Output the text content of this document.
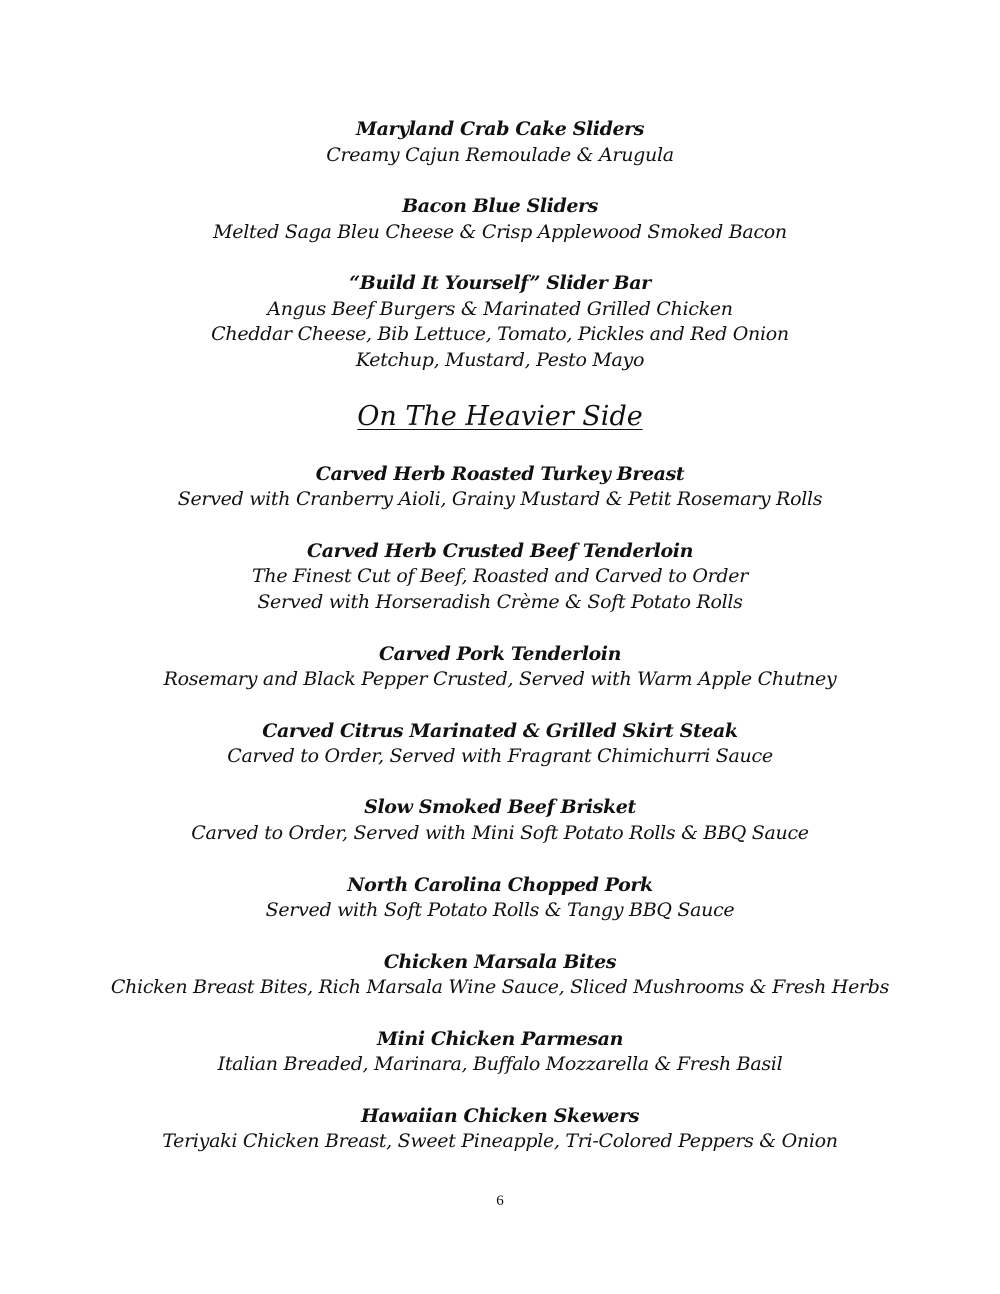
Maryland Crab Cake Sliders
Creamy Cajun Remoulade & Arugula
Bacon Blue Sliders
Melted Saga Bleu Cheese & Crisp Applewood Smoked Bacon
“Build It Yourself” Slider Bar
Angus Beef Burgers & Marinated Grilled Chicken
Cheddar Cheese, Bib Lettuce, Tomato, Pickles and Red Onion
Ketchup, Mustard, Pesto Mayo
On The Heavier Side
Carved Herb Roasted Turkey Breast
Served with Cranberry Aioli, Grainy Mustard & Petit Rosemary Rolls
Carved Herb Crusted Beef Tenderloin
The Finest Cut of Beef, Roasted and Carved to Order
Served with Horseradish Crème & Soft Potato Rolls
Carved Pork Tenderloin
Rosemary and Black Pepper Crusted, Served with Warm Apple Chutney
Carved Citrus Marinated & Grilled Skirt Steak
Carved to Order, Served with Fragrant Chimichurri Sauce
Slow Smoked Beef Brisket
Carved to Order, Served with Mini Soft Potato Rolls & BBQ Sauce
North Carolina Chopped Pork
Served with Soft Potato Rolls & Tangy BBQ Sauce
Chicken Marsala Bites
Chicken Breast Bites, Rich Marsala Wine Sauce, Sliced Mushrooms & Fresh Herbs
Mini Chicken Parmesan
Italian Breaded, Marinara, Buffalo Mozzarella & Fresh Basil
Hawaiian Chicken Skewers
Teriyaki Chicken Breast, Sweet Pineapple, Tri-Colored Peppers & Onion
6
